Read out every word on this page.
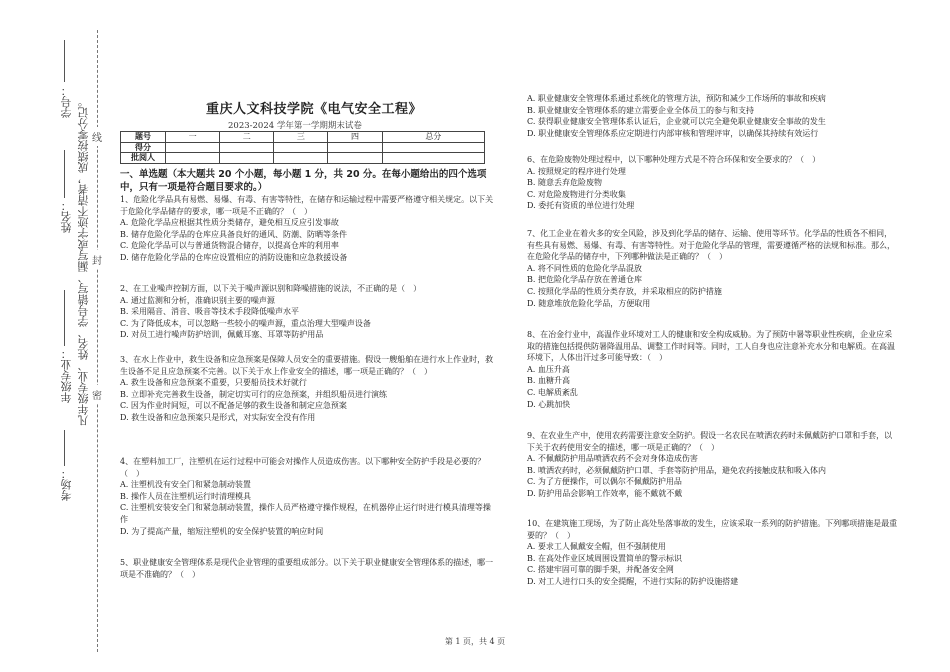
密
封
线
学号：
姓名：
年级专业：
考场：
凡年级专业、姓名、学号错写、漏写或字迹不清者，成绩按零分记。	重庆人文科技学院《电气安全工程》
2023-2024 学年第一学期期末试卷
题号	一	二	三	四	总分
得分					
批阅人					
一、单选题（本大题共 20 个小题，每小题 1 分，共 20 分。在每小题给出的四个选项中，只有一项是符合题目要求的。）
1、危险化学品具有易燃、易爆、有毒、有害等特性，在储存和运输过程中需要严格遵守相关规定。以下关于危险化学品储存的要求，哪一项是不正确的？（　）
A. 危险化学品应根据其性质分类储存，避免相互反应引发事故
B. 储存危险化学品的仓库应具备良好的通风、防潮、防晒等条件
C. 危险化学品可以与普通货物混合储存，以提高仓库的利用率
D. 储存危险化学品的仓库应设置相应的消防设施和应急救援设备
2、在工业噪声控制方面，以下关于噪声源识别和降噪措施的说法，不正确的是（　）
A. 通过监测和分析，准确识别主要的噪声源
B. 采用隔音、消音、吸音等技术手段降低噪声水平
C. 为了降低成本，可以忽略一些较小的噪声源，重点治理大型噪声设备
D. 对员工进行噪声防护培训，佩戴耳塞、耳罩等防护用品
3、在水上作业中，救生设备和应急预案是保障人员安全的重要措施。假设一艘船舶在进行水上作业时，救生设备不足且应急预案不完善。以下关于水上作业安全的描述，哪一项是正确的？（　）
A. 救生设备和应急预案不重要，只要船员技术好就行
B. 立即补充完善救生设备，制定切实可行的应急预案，并组织船员进行演练
C. 因为作业时间短，可以不配备足够的救生设备和制定应急预案
D. 救生设备和应急预案只是形式，对实际安全没有作用
4、在塑料加工厂，注塑机在运行过程中可能会对操作人员造成伤害。以下哪种安全防护手段是必要的？（　）
A. 注塑机没有安全门和紧急制动装置
B. 操作人员在注塑机运行时清理模具
C. 注塑机安装安全门和紧急制动装置，操作人员严格遵守操作规程，在机器停止运行时进行模具清理等操作
D. 为了提高产量，缩短注塑机的安全保护装置的响应时间
5、职业健康安全管理体系是现代企业管理的重要组成部分。以下关于职业健康安全管理体系的描述，哪一项是不准确的？（　）
A. 职业健康安全管理体系通过系统化的管理方法，预防和减少工作场所的事故和疾病
B. 职业健康安全管理体系的建立需要企业全体员工的参与和支持
C. 获得职业健康安全管理体系认证后，企业就可以完全避免职业健康安全事故的发生
D. 职业健康安全管理体系应定期进行内部审核和管理评审，以确保其持续有效运行
6、在危险废物处理过程中，以下哪种处理方式是不符合环保和安全要求的？（　）
A. 按照规定的程序进行处理
B. 随意丢弃危险废物
C. 对危险废物进行分类收集
D. 委托有资质的单位进行处理
7、化工企业在着火多的安全风险，涉及到化学品的储存、运输、使用等环节。化学品的性质各不相同，有些具有易燃、易爆、有毒、有害等特性。对于危险化学品的管理，需要遵循严格的法规和标准。那么，在危险化学品的储存中，下列哪种做法是正确的？（　）
A. 将不同性质的危险化学品混放
B. 把危险化学品存放在普通仓库
C. 按照化学品的性质分类存放，并采取相应的防护措施
D. 随意堆放危险化学品，方便取用
8、在冶金行业中，高温作业环境对工人的健康和安全构成威胁。为了预防中暑等职业性疾病，企业应采取的措施包括提供防暑降温用品、调整工作时间等。同时，工人自身也应注意补充水分和电解质。在高温环境下，人体出汗过多可能导致：（　）
A. 血压升高
B. 血糖升高
C. 电解质紊乱
D. 心跳加快
9、在农业生产中，使用农药需要注意安全防护。假设一名农民在喷洒农药时未佩戴防护口罩和手套，以下关于农药使用安全的描述，哪一项是正确的？（　）
A. 不佩戴防护用品喷洒农药不会对身体造成伤害
B. 喷洒农药时，必须佩戴防护口罩、手套等防护用品，避免农药接触皮肤和吸入体内
C. 为了方便操作，可以偶尔不佩戴防护用品
D. 防护用品会影响工作效率，能不戴就不戴
10、在建筑施工现场，为了防止高处坠落事故的发生，应该采取一系列的防护措施。下列哪项措施是最重要的？（　）
A. 要求工人佩戴安全帽，但不强制使用
B. 在高处作业区域周围设置简单的警示标识
C. 搭建牢固可靠的脚手架，并配备安全网
D. 对工人进行口头的安全提醒，不进行实际的防护设施搭建
第 1 页，共 4 页
